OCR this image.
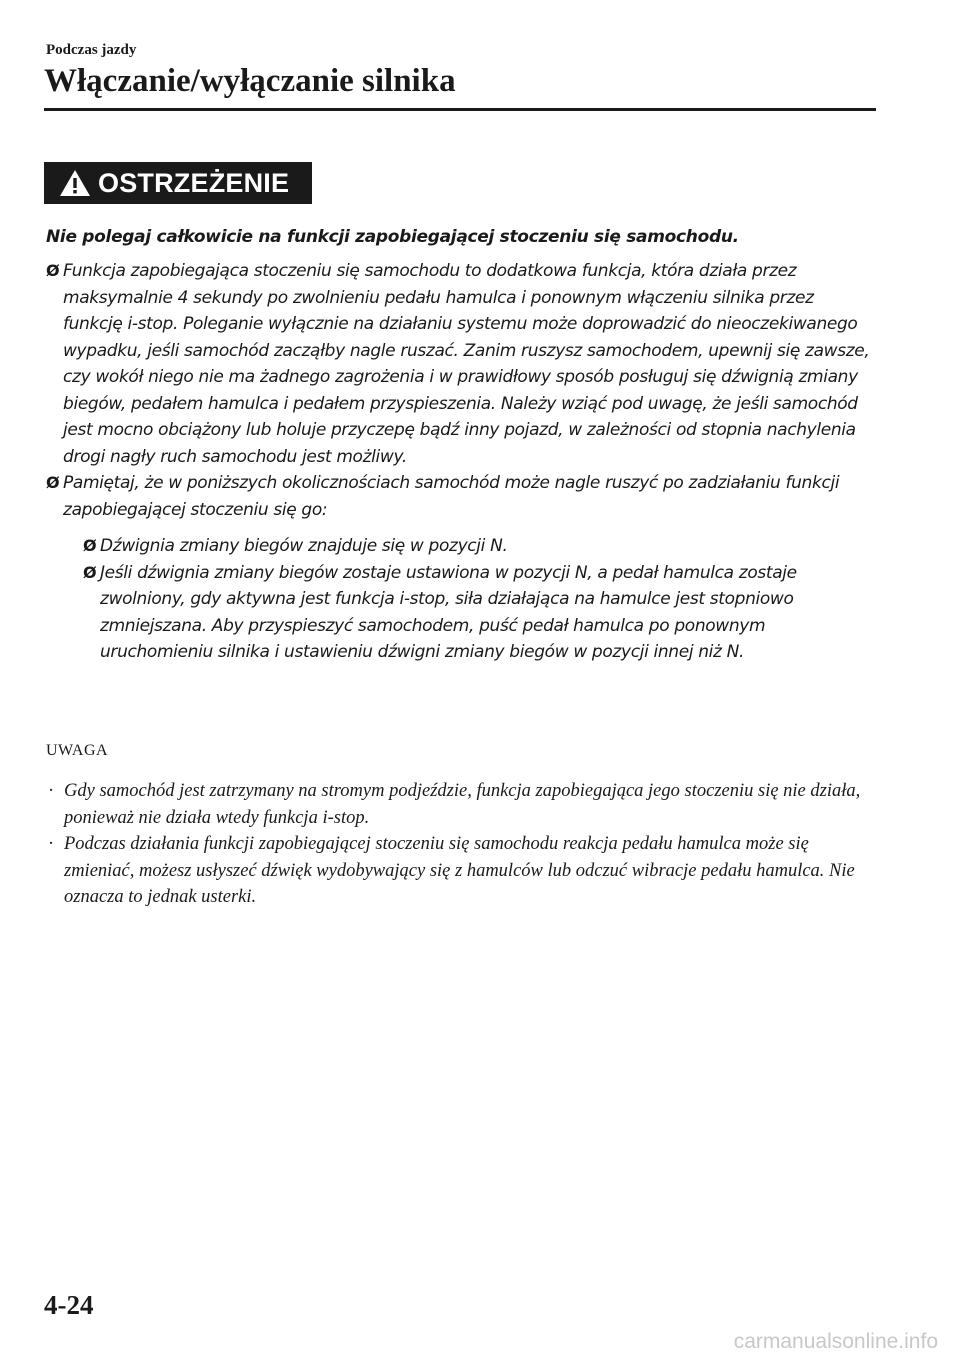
Podczas jazdy
Włączanie/wyłączanie silnika
OSTRZEŻENIE

Nie polegaj całkowicie na funkcji zapobiegającej stoczeniu się samochodu.

Ø Funkcja zapobiegająca stoczeniu się samochodu to dodatkowa funkcja, która działa przez maksymalnie 4 sekundy po zwolnieniu pedału hamulca i ponownym włączeniu silnika przez funkcję i-stop. Poleganie wyłącznie na działaniu systemu może doprowadzić do nieoczekiwanego wypadku, jeśli samochód zacząłby nagle ruszać. Zanim ruszysz samochodem, upewnij się zawsze, czy wokół niego nie ma żadnego zagrożenia i w prawidłowy sposób posługuj się dźwignią zmiany biegów, pedałem hamulca i pedałem przyspieszenia. Należy wziąć pod uwagę, że jeśli samochód jest mocno obciążony lub holuje przyczepę bądź inny pojazd, w zależności od stopnia nachylenia drogi nagły ruch samochodu jest możliwy.
Ø Pamiętaj, że w poniższych okolicznościach samochód może nagle ruszyć po zadziałaniu funkcji zapobiegającej stoczeniu się go:
Ø Dźwignia zmiany biegów znajduje się w pozycji N.
Ø Jeśli dźwignia zmiany biegów zostaje ustawiona w pozycji N, a pedał hamulca zostaje zwolniony, gdy aktywna jest funkcja i-stop, siła działająca na hamulce jest stopniowo zmniejszana. Aby przyspieszyć samochodem, puść pedał hamulca po ponownym uruchomieniu silnika i ustawieniu dźwigni zmiany biegów w pozycji innej niż N.
UWAGA
· Gdy samochód jest zatrzymany na stromym podjeździe, funkcja zapobiegająca jego stoczeniu się nie działa, ponieważ nie działa wtedy funkcja i-stop.
· Podczas działania funkcji zapobiegającej stoczeniu się samochodu reakcja pedału hamulca może się zmieniać, możesz usłyszeć dźwięk wydobywający się z hamulców lub odczuć wibracje pedału hamulca. Nie oznacza to jednak usterki.
4-24
carmanualsonline.info
